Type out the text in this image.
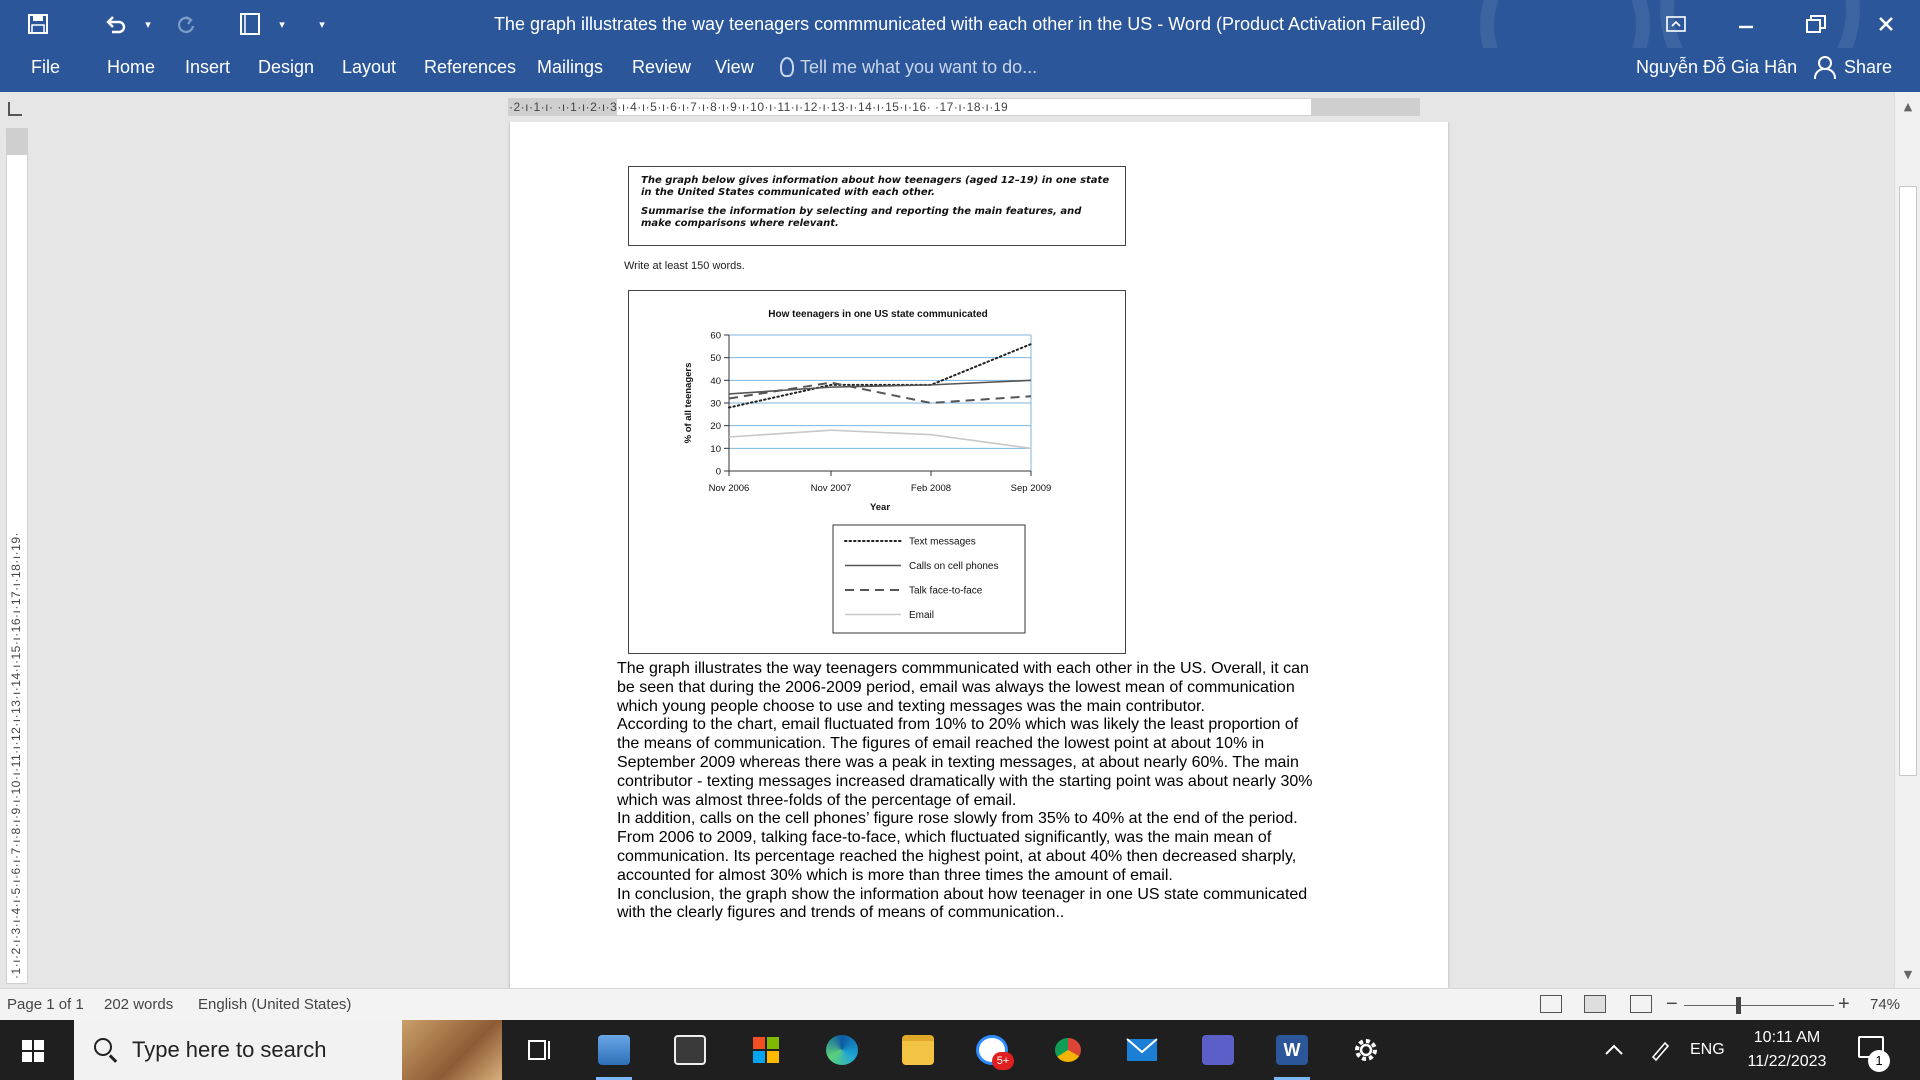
▾	▾	▾	The graph illustrates the way teenagers commmunicated with each other in the US - Word (Product Activation Failed)
File	Home Insert Design Layout References Mailings Review View	Tell me what you want to do...	Nguyễn Đỗ Gia Hân	Share
·2·ı·1·ı· ·ı·1·ı·2·ı·3·ı·4·ı·5·ı·6·ı·7·ı·8·ı·9·ı·10·ı·11·ı·12·ı·13·ı·14·ı·15·ı·16· ·17·ı·18·ı·19
·1·ı·2·ı·3·ı·4·ı·5·ı·6·ı·7·ı·8·ı·9·ı·10·ı·11·ı·12·ı·13·ı·14·ı·15·ı·16·ı·17·ı·18·ı·19·

The graph below gives information about how teenagers (aged 12–19) in one state in the United States communicated with each other.

Summarise the information by selecting and reporting the main features, and make comparisons where relevant.

Write at least 150 words.
How teenagers in one US state communicated
0
10
20
30
40
50
60
Nov 2006	Nov 2007	Feb 2008	Sep 2009
Year
% of all teenagers
Text messages
Calls on cell phones
Talk face-to-face
Email

The graph illustrates the way teenagers commmunicated with each other in the US. Overall, it can be seen that during the 2006-2009 period, email was always the lowest mean of communication which young people choose to use and texting messages was the main contributor.

According to the chart, email fluctuated from 10% to 20% which was likely the least proportion of the means of communication. The figures of email reached the lowest point at about 10% in September 2009 whereas there was a peak in texting messages, at about nearly 60%. The main contributor - texting messages increased dramatically with the starting point was about nearly 30% which was almost three-folds of the percentage of email.

In addition, calls on the cell phones’ figure rose slowly from 35% to 40% at the end of the period. From 2006 to 2009, talking face-to-face, which fluctuated significantly, was the main mean of communication. Its percentage reached the highest point, at about 40% then decreased sharply, accounted for almost 30% which is more than three times the amount of email.

In conclusion, the graph show the information about how teenager in one US state communicated with the clearly figures and trends of means of communication..

▲
▼
Page 1 of 1 202 words English (United States)	−	+ 74%
Type here to search	5+
W	ENG
10:11 AM
11/22/2023	1
